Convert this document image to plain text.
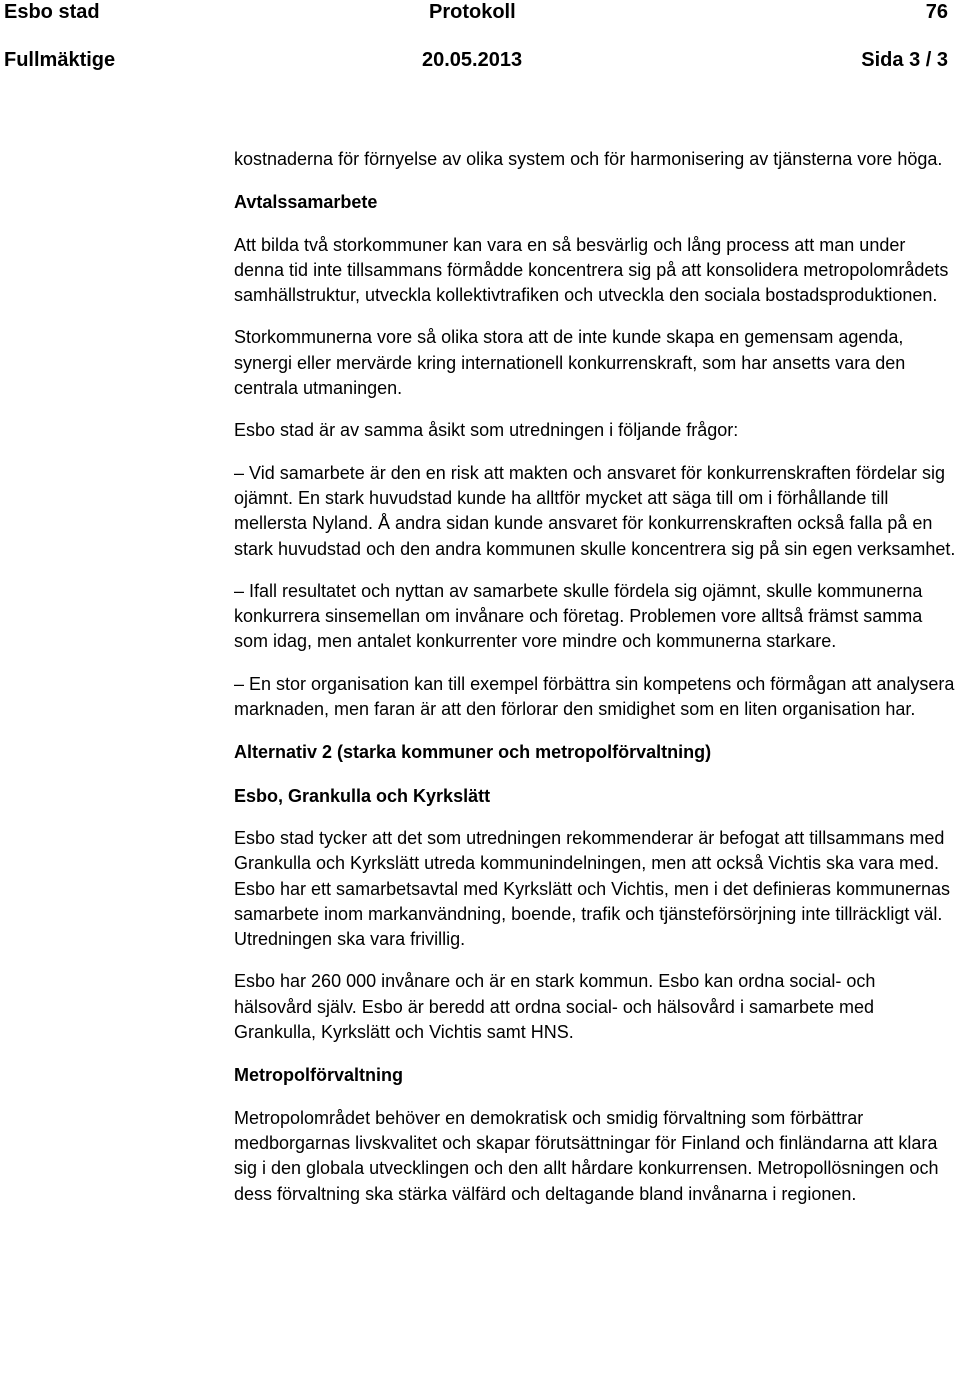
Esbo stad	Protokoll	76
Fullmäktige	20.05.2013	Sida 3 / 3

kostnaderna för förnyelse av olika system och för harmonisering av tjänsterna vore höga.

Avtalssamarbete

Att bilda två storkommuner kan vara en så besvärlig och lång process att man under denna tid inte tillsammans förmådde koncentrera sig på att konsolidera metropolområdets samhällstruktur, utveckla kollektivtrafiken och utveckla den sociala bostadsproduktionen.

Storkommunerna vore så olika stora att de inte kunde skapa en gemensam agenda, synergi eller mervärde kring internationell konkurrenskraft, som har ansetts vara den centrala utmaningen.

Esbo stad är av samma åsikt som utredningen i följande frågor:

– Vid samarbete är den en risk att makten och ansvaret för konkurrenskraften fördelar sig ojämnt. En stark huvudstad kunde ha alltför mycket att säga till om i förhållande till mellersta Nyland. Å andra sidan kunde ansvaret för konkurrenskraften också falla på en stark huvudstad och den andra kommunen skulle koncentrera sig på sin egen verksamhet.

– Ifall resultatet och nyttan av samarbete skulle fördela sig ojämnt, skulle kommunerna konkurrera sinsemellan om invånare och företag. Problemen vore alltså främst samma som idag, men antalet konkurrenter vore mindre och kommunerna starkare.

– En stor organisation kan till exempel förbättra sin kompetens och förmågan att analysera marknaden, men faran är att den förlorar den smidighet som en liten organisation har.

Alternativ 2 (starka kommuner och metropolförvaltning)

Esbo, Grankulla och Kyrkslätt

Esbo stad tycker att det som utredningen rekommenderar är befogat att tillsammans med Grankulla och Kyrkslätt utreda kommunindelningen, men att också Vichtis ska vara med. Esbo har ett samarbetsavtal med Kyrkslätt och Vichtis, men i det definieras kommunernas samarbete inom markanvändning, boende, trafik och tjänsteförsörjning inte tillräckligt väl. Utredningen ska vara frivillig.

Esbo har 260 000 invånare och är en stark kommun. Esbo kan ordna social- och hälsovård själv. Esbo är beredd att ordna social- och hälsovård i samarbete med Grankulla, Kyrkslätt och Vichtis samt HNS.

Metropolförvaltning

Metropolområdet behöver en demokratisk och smidig förvaltning som förbättrar medborgarnas livskvalitet och skapar förutsättningar för Finland och finländarna att klara sig i den globala utvecklingen och den allt hårdare konkurrensen. Metropollösningen och dess förvaltning ska stärka välfärd och deltagande bland invånarna i regionen.
